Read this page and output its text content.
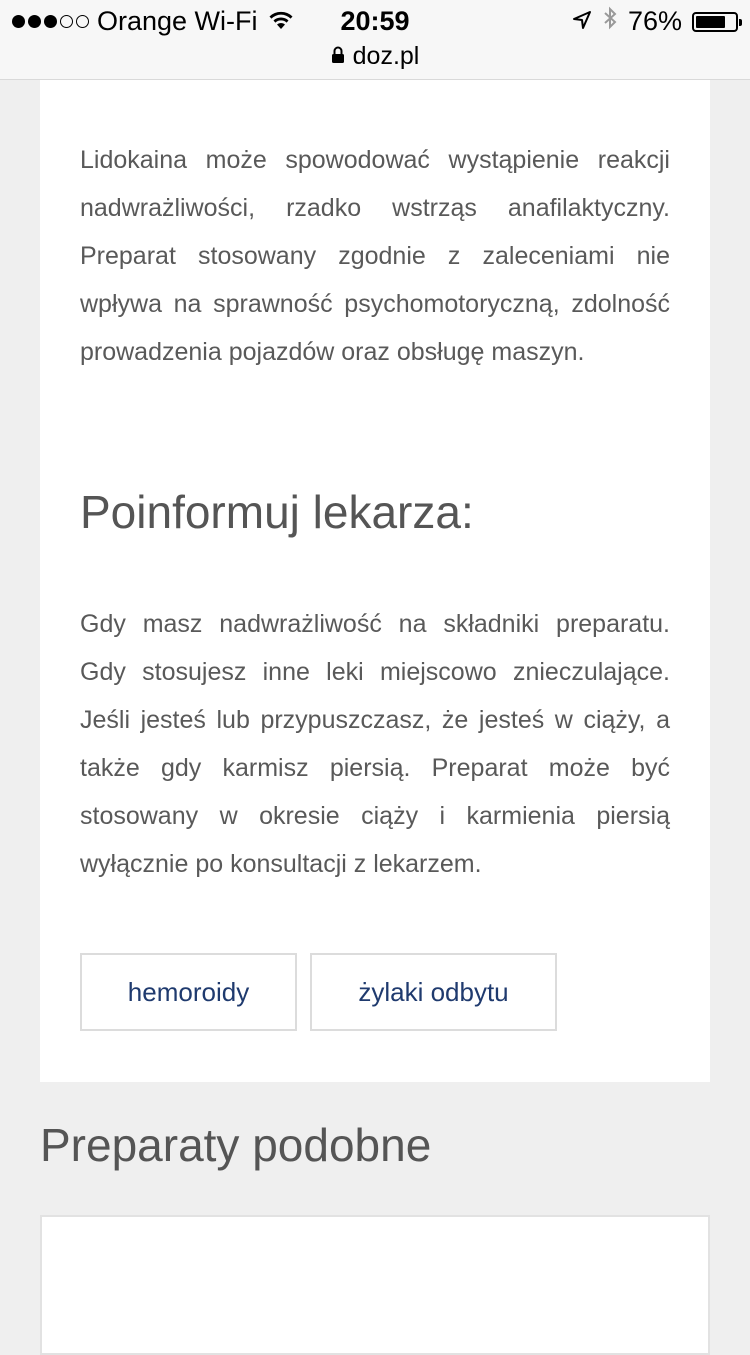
Orange Wi-Fi	20:59	76%
doz.pl

Lidokaina może spowodować wystąpienie reakcji nadwrażliwości, rzadko wstrząs anafilaktyczny. Preparat stosowany zgodnie z zaleceniami nie wpływa na sprawność psychomotoryczną, zdolność prowadzenia pojazdów oraz obsługę maszyn.

Poinformuj lekarza:

Gdy masz nadwrażliwość na składniki preparatu. Gdy stosujesz inne leki miejscowo znieczulające. Jeśli jesteś lub przypuszczasz, że jesteś w ciąży, a także gdy karmisz piersią. Preparat może być stosowany w okresie ciąży i karmienia piersią wyłącznie po konsultacji z lekarzem.

hemoroidy	żylaki odbytu
Preparaty podobne
